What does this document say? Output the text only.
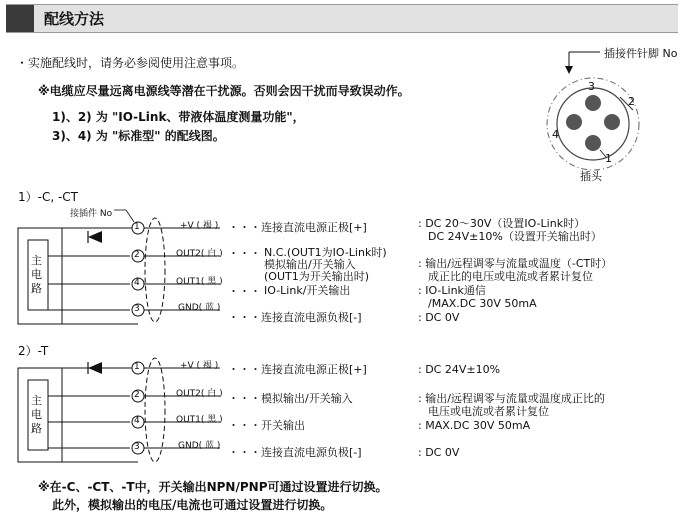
配线方法
・实施配线时，请务必参阅使用注意事项。
※电缆应尽量远离电源线等潜在干扰源。否则会因干扰而导致误动作。
1)、2) 为 "IO-Link、带液体温度测量功能"，
3)、4) 为 "标准型" 的配线图。
插接件针脚 No
插头
3
2
4
1
1）-C, -CT
接插件 No
1
2
4
3
+V ( 褐 )
OUT2( 白 )
OUT1( 黑 )
GND( 蓝 )
主
电
路
・・・连接直流电源正极[+]
・・・ N.C.(OUT1为IO-Link时)
模拟输出/开关输入
(OUT1为开关输出时)
・・・ IO-Link/开关输出
・・・连接直流电源负极[-]
: DC 20～30V（设置IO-Link时）
DC 24V±10%（设置开关输出时）
: 输出/远程调零与流量或温度（-CT时）
成正比的电压或电流或者累计复位
: IO-Link通信
/MAX.DC 30V 50mA
: DC 0V
2）-T
1
2
4
3
+V ( 褐 )
OUT2( 白 )
OUT1( 黑 )
GND( 蓝 )
主
电
路
・・・连接直流电源正极[+]
・・・模拟输出/开关输入
・・・开关输出
・・・连接直流电源负极[-]
: DC 24V±10%
: 输出/远程调零与流量或温度成正比的
电压或电流或者累计复位
: MAX.DC 30V 50mA
: DC 0V
※在-C、-CT、-T中，开关输出NPN/PNP可通过设置进行切换。
此外，模拟输出的电压/电流也可通过设置进行切换。
